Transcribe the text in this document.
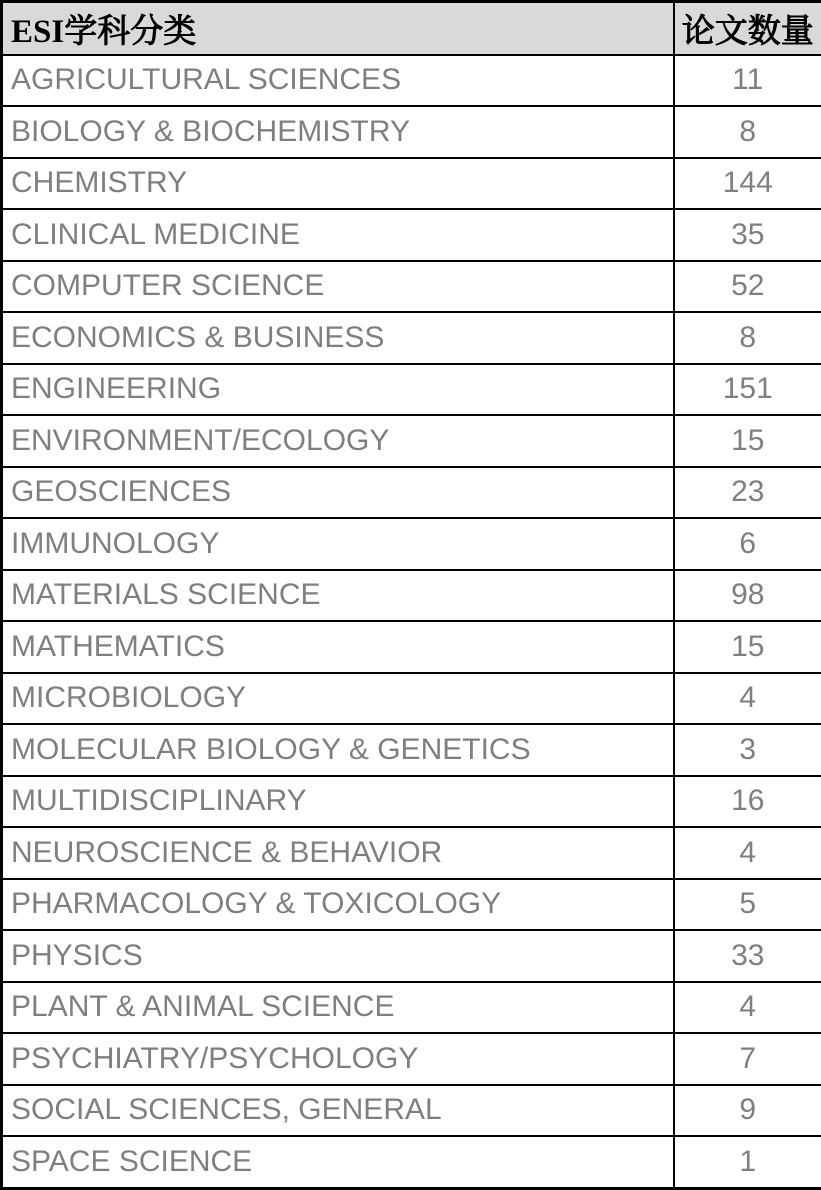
ESI学科分类	论文数量
AGRICULTURAL SCIENCES	11
BIOLOGY & BIOCHEMISTRY	8
CHEMISTRY	144
CLINICAL MEDICINE	35
COMPUTER SCIENCE	52
ECONOMICS & BUSINESS	8
ENGINEERING	151
ENVIRONMENT/ECOLOGY	15
GEOSCIENCES	23
IMMUNOLOGY	6
MATERIALS SCIENCE	98
MATHEMATICS	15
MICROBIOLOGY	4
MOLECULAR BIOLOGY & GENETICS	3
MULTIDISCIPLINARY	16
NEUROSCIENCE & BEHAVIOR	4
PHARMACOLOGY & TOXICOLOGY	5
PHYSICS	33
PLANT & ANIMAL SCIENCE	4
PSYCHIATRY/PSYCHOLOGY	7
SOCIAL SCIENCES, GENERAL	9
SPACE SCIENCE	1
